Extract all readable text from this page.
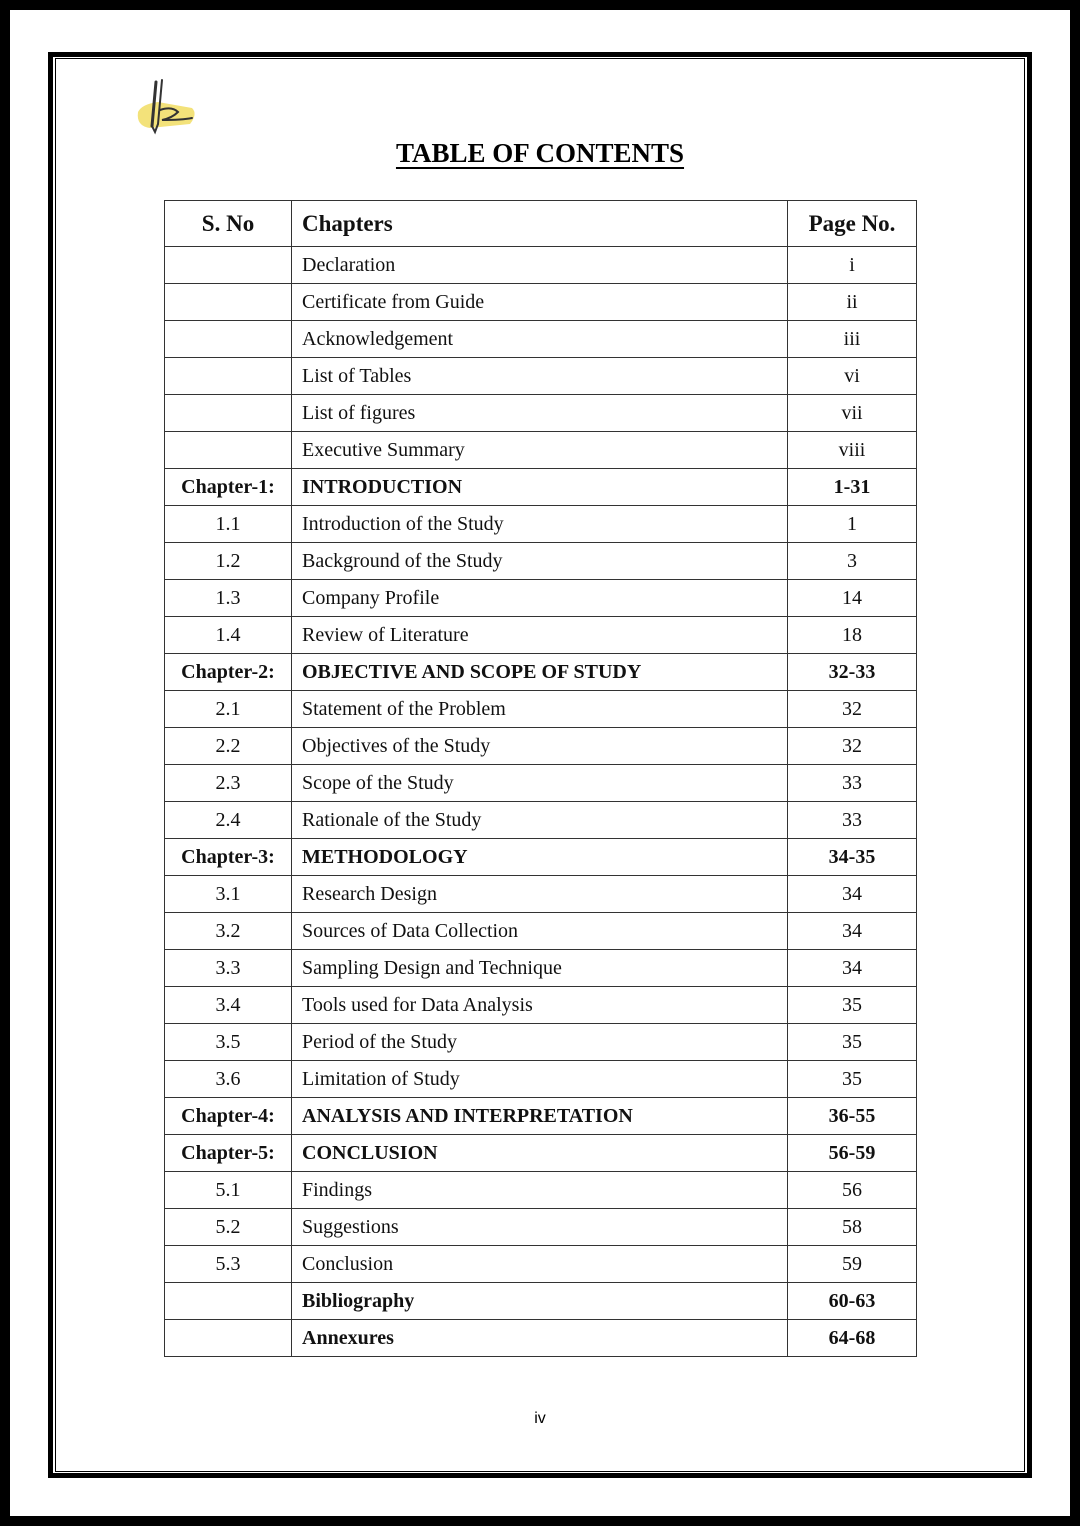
TABLE OF CONTENTS
S. No	Chapters	Page No.
	Declaration	i
	Certificate from Guide	ii
	Acknowledgement	iii
	List of Tables	vi
	List of figures	vii
	Executive Summary	viii
Chapter-1:	INTRODUCTION	1-31
1.1	Introduction of the Study	1
1.2	Background of the Study	3
1.3	Company Profile	14
1.4	Review of Literature	18
Chapter-2:	OBJECTIVE AND SCOPE OF STUDY	32-33
2.1	Statement of the Problem	32
2.2	Objectives of the Study	32
2.3	Scope of the Study	33
2.4	Rationale of the Study	33
Chapter-3:	METHODOLOGY	34-35
3.1	Research Design	34
3.2	Sources of Data Collection	34
3.3	Sampling Design and Technique	34
3.4	Tools used for Data Analysis	35
3.5	Period of the Study	35
3.6	Limitation of Study	35
Chapter-4:	ANALYSIS AND INTERPRETATION	36-55
Chapter-5:	CONCLUSION	56-59
5.1	Findings	56
5.2	Suggestions	58
5.3	Conclusion	59
	Bibliography	60-63
	Annexures	64-68
iv
